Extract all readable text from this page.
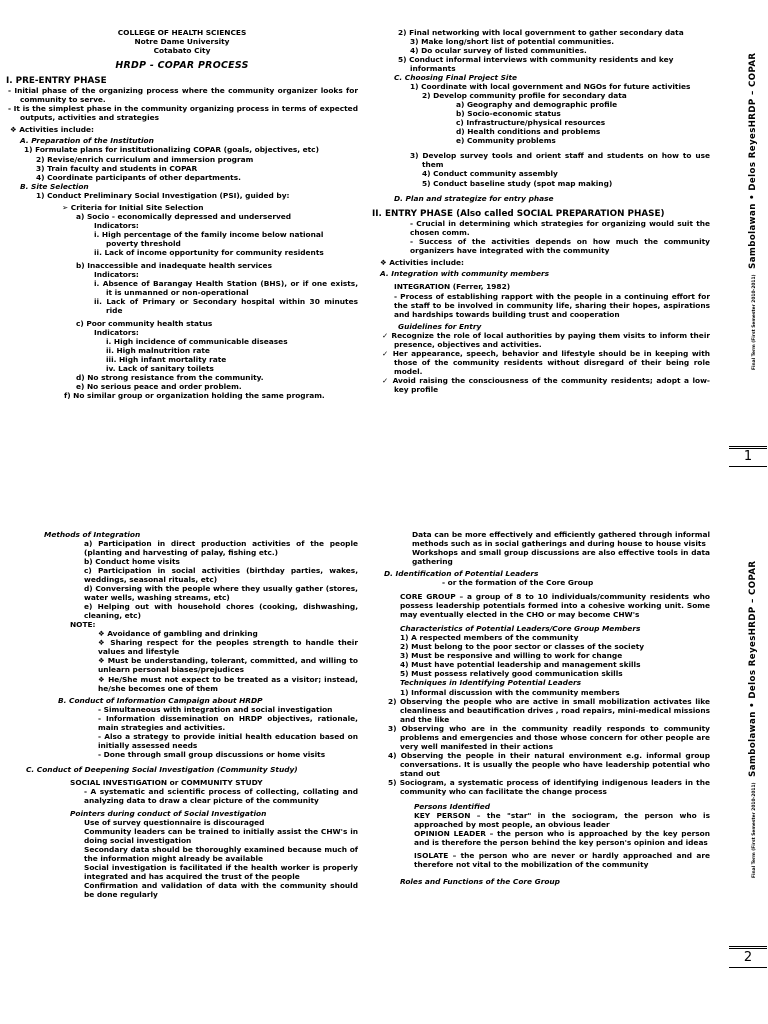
COLLEGE OF HEALTH SCIENCES
Notre Dame University
Cotabato City
HRDP - COPAR PROCESS
I. PRE-ENTRY PHASE
- Initial phase of the organizing process where the community organizer looks for community to serve.
- It is the simplest phase in the community organizing process in terms of expected outputs, activities and strategies
❖ Activities include:
A. Preparation of the Institution
1) Formulate plans for institutionalizing COPAR (goals, objectives, etc)
2) Revise/enrich curriculum and immersion program
3) Train faculty and students in COPAR
4) Coordinate participants of other departments.
B. Site Selection
1) Conduct Preliminary Social Investigation (PSI), guided by:
➢ Criteria for Initial Site Selection
a) Socio - economically depressed and underserved
Indicators:
i. High percentage of the family income below national poverty threshold
ii. Lack of income opportunity for community residents
b) Inaccessible and inadequate health services
Indicators:
i. Absence of Barangay Health Station (BHS), or if one exists, it is unmanned or non-operational
ii. Lack of Primary or Secondary hospital within 30 minutes ride
c) Poor community health status
Indicators:
i. High incidence of communicable diseases
ii. High malnutrition rate
iii. High infant mortality rate
iv. Lack of sanitary toilets
d) No strong resistance from the community.
e) No serious peace and order problem.
f) No similar group or organization holding the same program.
2) Final networking with local government to gather secondary data
3) Make long/short list of potential communities.
4) Do ocular survey of listed communities.
5) Conduct informal interviews with community residents and key informants
C. Choosing Final Project Site
1) Coordinate with local government and NGOs for future activities
2) Develop community profile for secondary data
a) Geography and demographic profile
b) Socio-economic status
c) Infrastructure/physical resources
d) Health conditions and problems
e) Community problems
3) Develop survey tools and orient staff and students on how to use them
4) Conduct community assembly
5) Conduct baseline study (spot map making)
D. Plan and strategize for entry phase
II. ENTRY PHASE (Also called SOCIAL PREPARATION PHASE)
- Crucial in determining which strategies for organizing would suit the chosen comm.
- Success of the activities depends on how much the community organizers have integrated with the community
❖ Activities include:
A. Integration with community members
INTEGRATION (Ferrer, 1982)
- Process of establishing rapport with the people in a continuing effort for the staff to be involved in community life, sharing their hopes, aspirations and hardships towards building trust and cooperation
Guidelines for Entry
✓ Recognize the role of local authorities by paying them visits to inform their presence, objectives and activities.
✓ Her appearance, speech, behavior and lifestyle should be in keeping with those of the community residents without disregard of their being role model.
✓ Avoid raising the consciousness of the community residents; adopt a low-key profile
Methods of Integration
a) Participation in direct production activities of the people (planting and harvesting of palay, fishing etc.)
b) Conduct home visits
c) Participation in social activities (birthday parties, wakes, weddings, seasonal rituals, etc)
d) Conversing with the people where they usually gather (stores, water wells, washing streams, etc)
e) Helping out with household chores (cooking, dishwashing, cleaning, etc)
NOTE:
❖ Avoidance of gambling and drinking
❖ Sharing respect for the peoples strength to handle their values and lifestyle
❖ Must be understanding, tolerant, committed, and willing to unlearn personal biases/prejudices
❖ He/She must not expect to be treated as a visitor; instead, he/she becomes one of them
B. Conduct of Information Campaign about HRDP
- Simultaneous with integration and social investigation
- Information dissemination on HRDP objectives, rationale, main strategies and activities.
- Also a strategy to provide initial health education based on initially assessed needs
- Done through small group discussions or home visits
C. Conduct of Deepening Social Investigation (Community Study)
SOCIAL INVESTIGATION or COMMUNITY STUDY
- A systematic and scientific process of collecting, collating and analyzing data to draw a clear picture of the community
Pointers during conduct of Social Investigation
Use of survey questionnaire is discouraged
Community leaders can be trained to initially assist the CHW's in doing social investigation
Secondary data should be thoroughly examined because much of the information might already be available
Social investigation is facilitated if the health worker is properly integrated and has acquired the trust of the people
Confirmation and validation of data with the community should be done regularly
Data can be more effectively and efficiently gathered through informal methods such as in social gatherings and during house to house visits
Workshops and small group discussions are also effective tools in data gathering
D. Identification of Potential Leaders
- or the formation of the Core Group
CORE GROUP – a group of 8 to 10 individuals/community residents who possess leadership potentials formed into a cohesive working unit. Some may eventually elected in the CHO or may become CHW's
Characteristics of Potential Leaders/Core Group Members
1) A respected members of the community
2) Must belong to the poor sector or classes of the society
3) Must be responsive and willing to work for change
4) Must have potential leadership and management skills
5) Must possess relatively good communication skills
Techniques in Identifying Potential Leaders
1) Informal discussion with the community members
2) Observing the people who are active in small mobilization activates like cleanliness and beautification drives , road repairs, mini-medical missions and the like
3) Observing who are in the community readily responds to community problems and emergencies and those whose concern for other people are very well manifested in their actions
4) Observing the people in their natural environment e.g. informal group conversations. It is usually the people who have leadership potential who stand out
5) Sociogram, a systematic process of identifying indigenous leaders in the community who can facilitate the change process
Persons Identified
KEY PERSON – the "star" in the sociogram, the person who is approached by most people, an obvious leader
OPINION LEADER – the person who is approached by the key person and is therefore the person behind the key person's opinion and ideas
ISOLATE – the person who are never or hardly approached and are therefore not vital to the mobilization of the community
Roles and Functions of the Core Group
Final Term (First Semester 2010-2011) Sambolawan • Delos ReyesHRDP – COPAR
Final Term (First Semester 2010-2011) Sambolawan • Delos ReyesHRDP – COPAR
1
2
